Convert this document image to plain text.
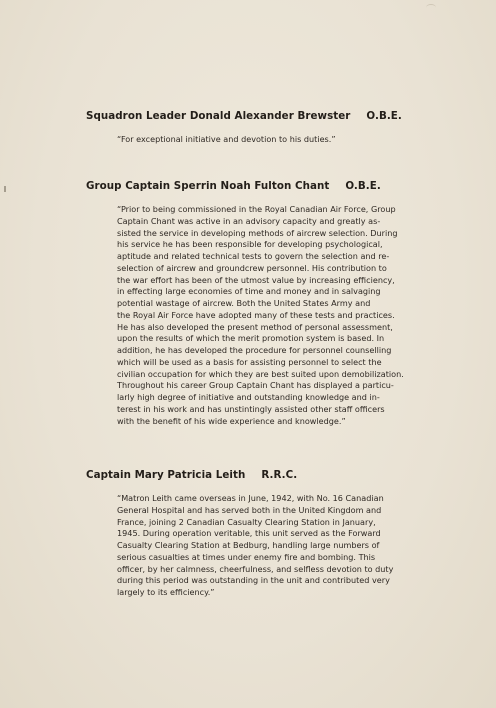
Squadron Leader Donald Alexander Brewster O.B.E.
“For exceptional initiative and devotion to his duties.”
Group Captain Sperrin Noah Fulton Chant O.B.E.
“Prior to being commissioned in the Royal Canadian Air Force, Group
Captain Chant was active in an advisory capacity and greatly as-
sisted the service in developing methods of aircrew selection. During
his service he has been responsible for developing psychological,
aptitude and related technical tests to govern the selection and re-
selection of aircrew and groundcrew personnel. His contribution to
the war effort has been of the utmost value by increasing efficiency,
in effecting large economies of time and money and in salvaging
potential wastage of aircrew. Both the United States Army and
the Royal Air Force have adopted many of these tests and practices.
He has also developed the present method of personal assessment,
upon the results of which the merit promotion system is based. In
addition, he has developed the procedure for personnel counselling
which will be used as a basis for assisting personnel to select the
civilian occupation for which they are best suited upon demobilization.
Throughout his career Group Captain Chant has displayed a particu-
larly high degree of initiative and outstanding knowledge and in-
terest in his work and has unstintingly assisted other staff officers
with the benefit of his wide experience and knowledge.”
Captain Mary Patricia Leith R.R.C.
“Matron Leith came overseas in June, 1942, with No. 16 Canadian
General Hospital and has served both in the United Kingdom and
France, joining 2 Canadian Casualty Clearing Station in January,
1945. During operation veritable, this unit served as the Forward
Casualty Clearing Station at Bedburg, handling large numbers of
serious casualties at times under enemy fire and bombing. This
officer, by her calmness, cheerfulness, and selfless devotion to duty
during this period was outstanding in the unit and contributed very
largely to its efficiency.”
